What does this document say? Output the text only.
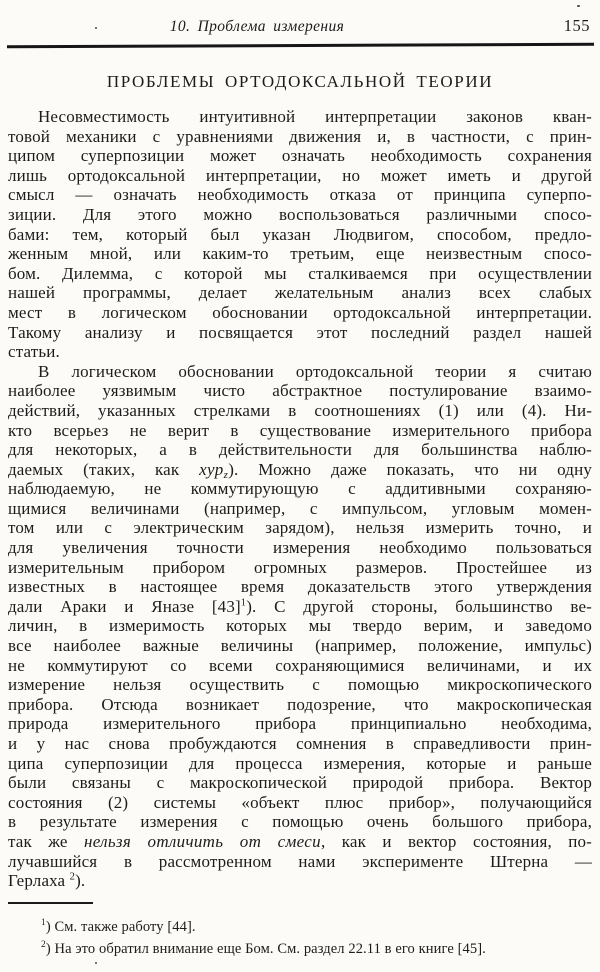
10. Проблема измерения	155
ПРОБЛЕМЫ ОРТОДОКСАЛЬНОЙ ТЕОРИИ
Несовместимость интуитивной интерпретации законов кван-
товой механики с уравнениями движения и, в частности, с прин-
ципом суперпозиции может означать необходимость сохранения
лишь ортодоксальной интерпретации, но может иметь и другой
смысл — означать необходимость отказа от принципа суперпо-
зиции. Для этого можно воспользоваться различными спосо-
бами: тем, который был указан Людвигом, способом, предло-
женным мной, или каким-то третьим, еще неизвестным спосо-
бом. Дилемма, с которой мы сталкиваемся при осуществлении
нашей программы, делает желательным анализ всех слабых
мест в логическом обосновании ортодоксальной интерпретации.
Такому анализу и посвящается этот последний раздел нашей
статьи.
В логическом обосновании ортодоксальной теории я считаю
наиболее уязвимым чисто абстрактное постулирование взаимо-
действий, указанных стрелками в соотношениях (1) или (4). Ни-
кто всерьез не верит в существование измерительного прибора
для некоторых, а в действительности для большинства наблю-
даемых (таких, как xyp$_z$). Можно даже показать, что ни одну
наблюдаемую, не коммутирующую с аддитивными сохраняю-
щимися величинами (например, с импульсом, угловым момен-
том или с электрическим зарядом), нельзя измерить точно, и
для увеличения точности измерения необходимо пользоваться
измерительным прибором огромных размеров. Простейшее из
известных в настоящее время доказательств этого утверждения
дали Араки и Яназе $[43]^1$). С другой стороны, большинство ве-
личин, в измеримость которых мы твердо верим, и заведомо
все наиболее важные величины (например, положение, импульс)
не коммутируют со всеми сохраняющимися величинами, и их
измерение нельзя осуществить с помощью микроскопического
прибора. Отсюда возникает подозрение, что макроскопическая
природа измерительного прибора принципиально необходима,
и у нас снова пробуждаются сомнения в справедливости прин-
ципа суперпозиции для процесса измерения, которые и раньше
были связаны с макроскопической природой прибора. Вектор
состояния (2) системы «объект плюс прибор», получающийся
в результате измерения с помощью очень большого прибора,
так же нельзя отличить от смеси, как и вектор состояния, по-
лучавшийся в рассмотренном нами эксперименте Штерна —
Герлаха $^2$).
$^1$) См. также работу [44].
$^2$) На это обратил внимание еще Бом. См. раздел 22.11 в его книге [45].
